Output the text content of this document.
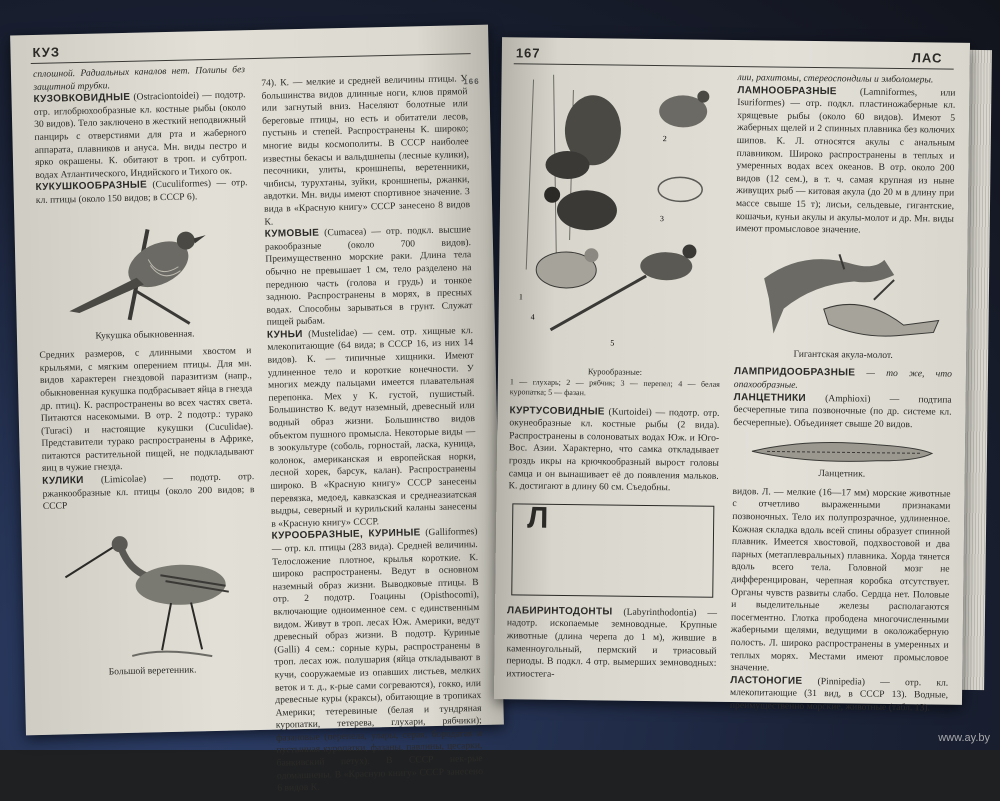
КУЗ
166

сплошной. Радиальных каналов нет. Полипы без защитной трубки.

КУЗОВКОВИДНЫЕ (Ostraciontoidei) — подотр. отр. иглобрюхообразные кл. костные рыбы (около 30 видов). Тело заключено в жесткий неподвижный панцирь с отверстиями для рта и жаберного аппарата, плавников и ануса. Мн. виды пестро и ярко окрашены. К. обитают в троп. и субтроп. водах Атлантического, Индийского и Тихого ок.

КУКУШКООБРАЗНЫЕ (Cuculiformes) — отр. кл. птицы (около 150 видов; в СССР 6).

Кукушка обыкновенная.

Средних размеров, с длинными хвостом и крыльями, с мягким оперением птицы. Для мн. видов характерен гнездовой паразитизм (напр., обыкновенная кукушка подбрасывает яйца в гнезда др. птиц). К. распространены во всех частях света. Питаются насекомыми. В отр. 2 подотр.: турако (Turaci) и настоящие кукушки (Cuculidae). Представители турако распространены в Африке, питаются растительной пищей, не подкладывают яиц в чужие гнезда.

КУЛИКИ (Limicolae) — подотр. отр. ржанкообразные кл. птицы (около 200 видов; в СССР

Большой веретенник.

74). К. — мелкие и средней величины птицы. У большинства видов длинные ноги, клюв прямой или загнутый вниз. Населяют болотные или береговые птицы, но есть и обитатели лесов, пустынь и степей. Распространены К. широко; многие виды космополиты. В СССР наиболее известны бекасы и вальдшнепы (лесные кулики), песочники, улиты, кроншнепы, веретенники, чибисы, турухтаны, зуйки, кроншнепы, ржанки, авдотки. Мн. виды имеют спортивное значение. 3 вида в «Красную книгу» СССР занесено 8 видов К.

КУМОВЫЕ (Cumacea) — отр. подкл. высшие ракообразные (около 700 видов). Преимущественно морские раки. Длина тела обычно не превышает 1 см, тело разделено на переднюю часть (голова и грудь) и тонкое заднюю. Распространены в морях, в пресных водах. Способны зарываться в грунт. Служат пищей рыбам.

КУНЬИ (Mustelidae) — сем. отр. хищные кл. млекопитающие (64 вида; в СССР 16, из них 14 видов). К. — типичные хищники. Имеют удлиненное тело и короткие конечности. У многих между пальцами имеется плавательная перепонка. Мех у К. густой, пушистый. Большинство К. ведут наземный, древесный или водный образ жизни. Большинство видов объектом пушного промысла. Некоторые виды — в зоокультуре (соболь, горностай, ласка, куница, колонок, американская и европейская норки, лесной хорек, барсук, калан). Распространены широко. В «Красную книгу» СССР занесены перевязка, медоед, кавказская и среднеазиатская выдры, северный и курильский каланы занесены в «Красную книгу» СССР.

КУРООБРАЗНЫЕ, КУРИНЫЕ (Galliformes) — отр. кл. птицы (283 вида). Средней величины. Телосложение плотное, крылья короткие. К. широко распространены. Ведут в основном наземный образ жизни. Выводковые птицы. В отр. 2 подотр. Гоацины (Opisthocomi), включающие одноименное сем. с единственным видом. Живут в троп. лесах Юж. Америки, ведут древесный образ жизни. В подотр. Куриные (Galli) 4 сем.: сорные куры, распространены в троп. лесах юж. полушария (яйца откладывают в кучи, сооружаемые из опавших листьев, мелких веток и т. д., к-рые сами согреваются), гокко, или древесные куры (краксы), обитающие в тропиках Америки; тетеревиные (белая и тундряная куропатки, тетерева, глухари, рябчики); фазановые (перепела, улары, серая, бородатая и пустынная куропатки, фазаны, павлины, цесарки, банкивский петух). В СССР нек-рые одомашнены. В «Красную книгу» СССР занесено 6 видов К.

167	ЛАС
1
2
3
4
5
Курообразные:
1 — глухарь; 2 — рябчик; 3 — перепел; 4 — белая куропатка; 5 — фазан.

КУРТУСОВИДНЫЕ (Kurtoidei) — подотр. отр. окунеобразные кл. костные рыбы (2 вида). Распространены в солоноватых водах Юж. и Юго-Вос. Азии. Характерно, что самка откладывает гроздь икры на крючкообразный вырост головы самца и он вынашивает её до появления мальков. К. достигают в длину 60 см. Съедобны.

Л

ЛАБИРИНТОДОНТЫ (Labyrinthodontia) — надотр. ископаемые земноводные. Крупные животные (длина черепа до 1 м), жившие в каменноугольный, пермский и триасовый периоды. В подкл. 4 отр. вымерших земноводных: ихтиостега-

лии, рахитомы, стереоспондилы и эмболомеры.

ЛАМНООБРАЗНЫЕ (Lamniformes, или Isuriformes) — отр. подкл. пластиножаберные кл. хрящевые рыбы (около 60 видов). Имеют 5 жаберных щелей и 2 спинных плавника без колючих шипов. К. Л. относятся акулы с анальным плавником. Широко распространены в теплых и умеренных водах всех океанов. В отр. около 200 видов (12 сем.), в т. ч. самая крупная из ныне живущих рыб — китовая акула (до 20 м в длину при массе свыше 15 т); лисьи, сельдевые, гигантские, кошачьи, куньи акулы и акулы-молот и др. Мн. виды имеют промысловое значение.

Гигантская акула-молот.

ЛАМПРИДООБРАЗНЫЕ — то же, что опахообразные.

ЛАНЦЕТНИКИ (Amphioxi) — подтипа бесчерепные типа позвоночные (по др. системе кл. бесчерепные). Объединяет свыше 20 видов.

Ланцетник.

видов. Л. — мелкие (16—17 мм) морские животные с отчетливо выраженными признаками позвоночных. Тело их полупрозрачное, удлиненное. Кожная складка вдоль всей спины образует спинной плавник. Имеется хвостовой, подхвостовой и два парных (метаплевральных) плавника. Хорда тянется вдоль всего тела. Головной мозг не дифференцирован, черепная коробка отсутствует. Органы чувств развиты слабо. Сердца нет. Половые и выделительные железы располагаются посегментно. Глотка прободена многочисленными жаберными щелями, ведущими в околожаберную полость. Л. широко распространены в умеренных и теплых морях. Местами имеют промысловое значение.

ЛАСТОНОГИЕ (Pinnipedia) — отр. кл. млекопитающие (31 вид, в СССР 13). Водные, преимущественно морские, животные (табл. 13).

www.ay.by
